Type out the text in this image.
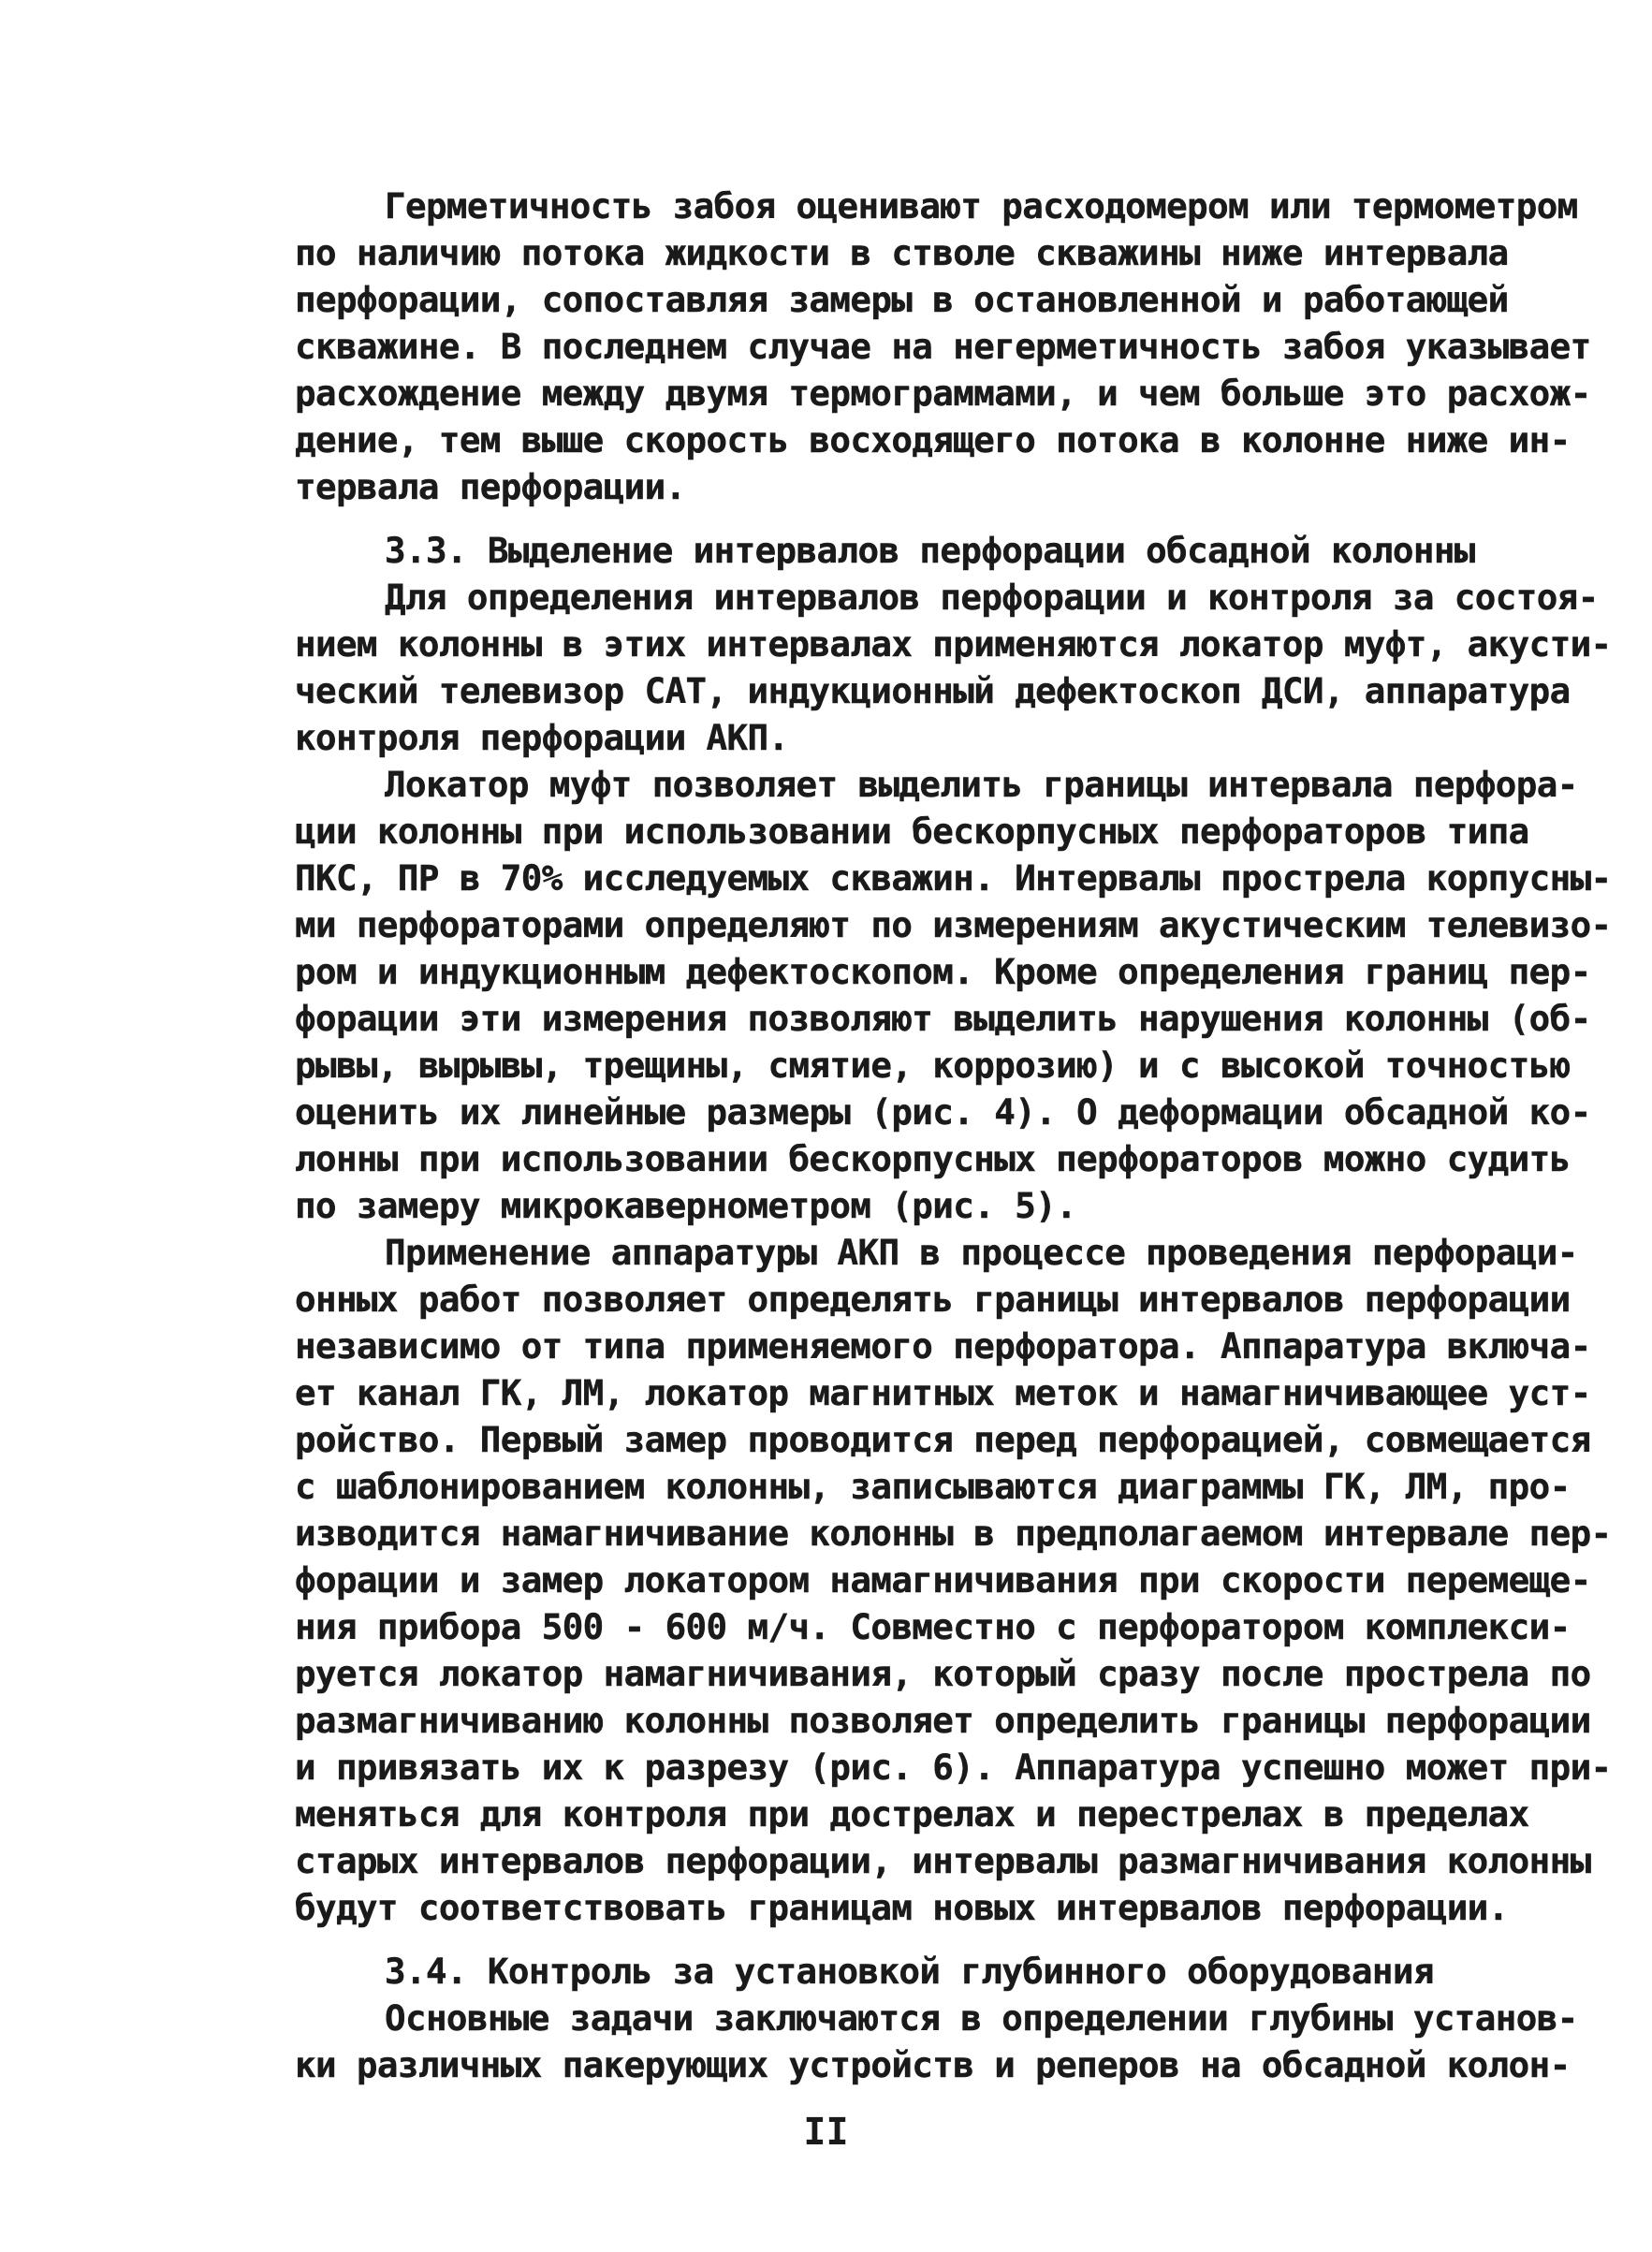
Герметичность забоя оценивают расходомером или термометром
по наличию потока жидкости в стволе скважины ниже интервала
перфорации, сопоставляя замеры в остановленной и работающей
скважине. В последнем случае на негерметичность забоя указывает
расхождение между двумя термограммами, и чем больше это расхож-
дение, тем выше скорость восходящего потока в колонне ниже ин-
тервала перфорации.
3.3. Выделение интервалов перфорации обсадной колонны
Для определения интервалов перфорации и контроля за состоя-
нием колонны в этих интервалах применяются локатор муфт, акусти-
ческий телевизор САТ, индукционный дефектоскоп ДСИ, аппаратура
контроля перфорации АКП.
Локатор муфт позволяет выделить границы интервала перфора-
ции колонны при использовании бескорпусных перфораторов типа
ПКС, ПР в 70% исследуемых скважин. Интервалы прострела корпусны-
ми перфораторами определяют по измерениям акустическим телевизо-
ром и индукционным дефектоскопом. Кроме определения границ пер-
форации эти измерения позволяют выделить нарушения колонны (об-
рывы, вырывы, трещины, смятие, коррозию) и с высокой точностью
оценить их линейные размеры (рис. 4). О деформации обсадной ко-
лонны при использовании бескорпусных перфораторов можно судить
по замеру микрокавернометром (рис. 5).
Применение аппаратуры АКП в процессе проведения перфораци-
онных работ позволяет определять границы интервалов перфорации
независимо от типа применяемого перфоратора. Аппаратура включа-
ет канал ГК, ЛМ, локатор магнитных меток и намагничивающее уст-
ройство. Первый замер проводится перед перфорацией, совмещается
с шаблонированием колонны, записываются диаграммы ГК, ЛМ, про-
изводится намагничивание колонны в предполагаемом интервале пер-
форации и замер локатором намагничивания при скорости перемеще-
ния прибора 500 - 600 м/ч. Совместно с перфоратором комплекси-
руется локатор намагничивания, который сразу после прострела по
размагничиванию колонны позволяет определить границы перфорации
и привязать их к разрезу (рис. 6). Аппаратура успешно может при-
меняться для контроля при дострелах и перестрелах в пределах
старых интервалов перфорации, интервалы размагничивания колонны
будут соответствовать границам новых интервалов перфорации.
3.4. Контроль за установкой глубинного оборудования
Основные задачи заключаются в определении глубины установ-
ки различных пакерующих устройств и реперов на обсадной колон-
II
